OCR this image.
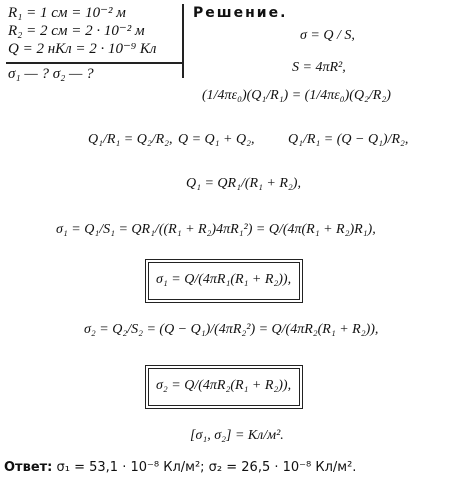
R₁ = 1 см = 10⁻² м
R₂ = 2 см = 2 · 10⁻² м
Q = 2 нКл = 2 · 10⁻⁹ Кл
σ₁ — ? σ₂ — ?
Решение.
σ = Q / S,
S = 4πR²,
(1/4πε₀)(Q₁/R₁) = (1/4πε₀)(Q₂/R₂)
Q₁/R₁ = Q₂/R₂, Q = Q₁ + Q₂, Q₁/R₁ = (Q − Q₁)/R₂,
Q₁ = QR₁/(R₁ + R₂),
σ₁ = Q₁/S₁ = QR₁/((R₁ + R₂)4πR₁²) = Q/(4π(R₁ + R₂)R₁),
σ₁ = Q/(4πR₁(R₁ + R₂)),
σ₂ = Q₂/S₂ = (Q − Q₁)/(4πR₂²) = Q/(4πR₂(R₁ + R₂)),
σ₂ = Q/(4πR₂(R₁ + R₂)),
[σ₁, σ₂] = Кл/м².
Ответ: σ₁ = 53,1 · 10⁻⁸ Кл/м²; σ₂ = 26,5 · 10⁻⁸ Кл/м².
